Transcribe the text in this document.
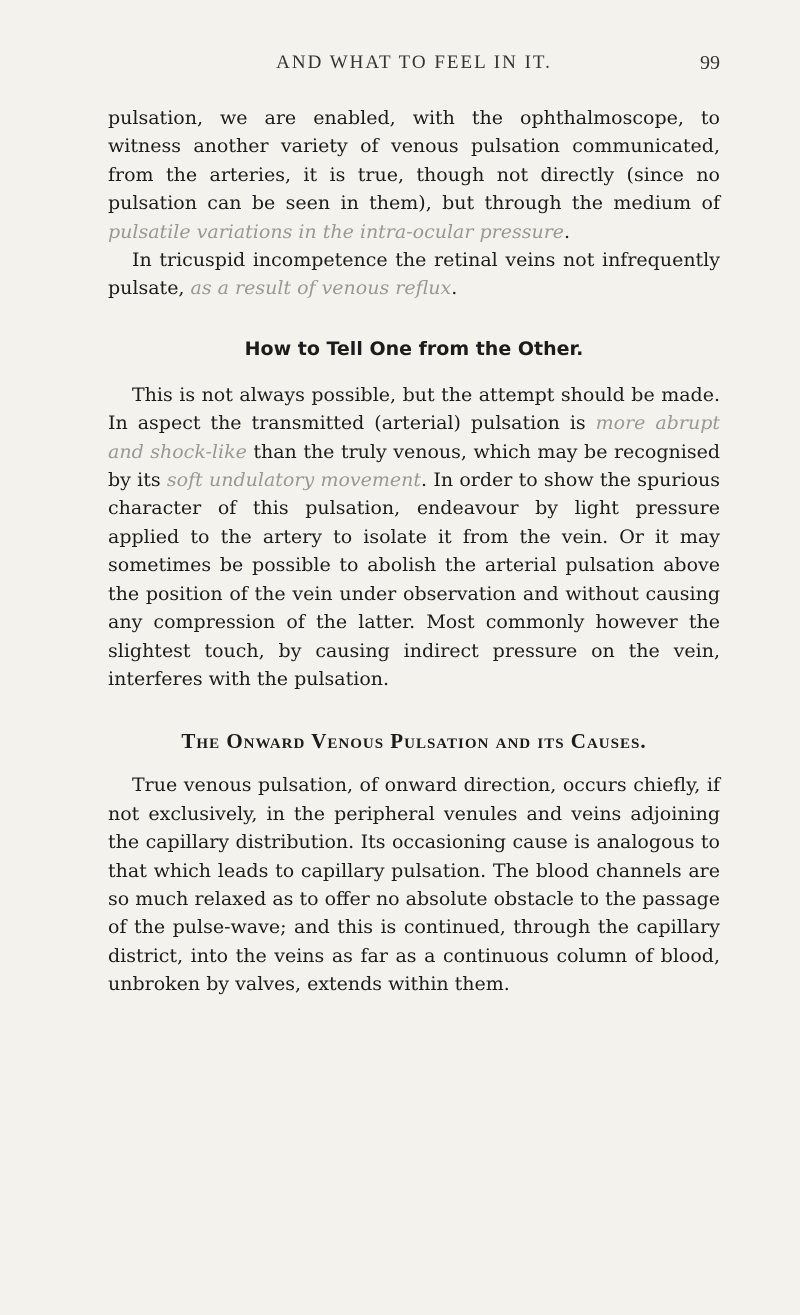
AND WHAT TO FEEL IN IT.	99

pulsation, we are enabled, with the ophthalmoscope, to witness another variety of venous pulsation communicated, from the arteries, it is true, though not directly (since no pulsation can be seen in them), but through the medium of pulsatile variations in the intra-ocular pressure.

In tricuspid incompetence the retinal veins not infrequently pulsate, as a result of venous reflux.

How to Tell One from the Other.

This is not always possible, but the attempt should be made. In aspect the transmitted (arterial) pulsation is more abrupt and shock-like than the truly venous, which may be recognised by its soft undulatory movement. In order to show the spurious character of this pulsation, endeavour by light pressure applied to the artery to isolate it from the vein. Or it may sometimes be possible to abolish the arterial pulsation above the position of the vein under observation and without causing any compression of the latter. Most commonly however the slightest touch, by causing indirect pressure on the vein, interferes with the pulsation.

The Onward Venous Pulsation and its Causes.

True venous pulsation, of onward direction, occurs chiefly, if not exclusively, in the peripheral venules and veins adjoining the capillary distribution. Its occasioning cause is analogous to that which leads to capillary pulsation. The blood channels are so much relaxed as to offer no absolute obstacle to the passage of the pulse-wave; and this is continued, through the capillary district, into the veins as far as a continuous column of blood, unbroken by valves, extends within them.
